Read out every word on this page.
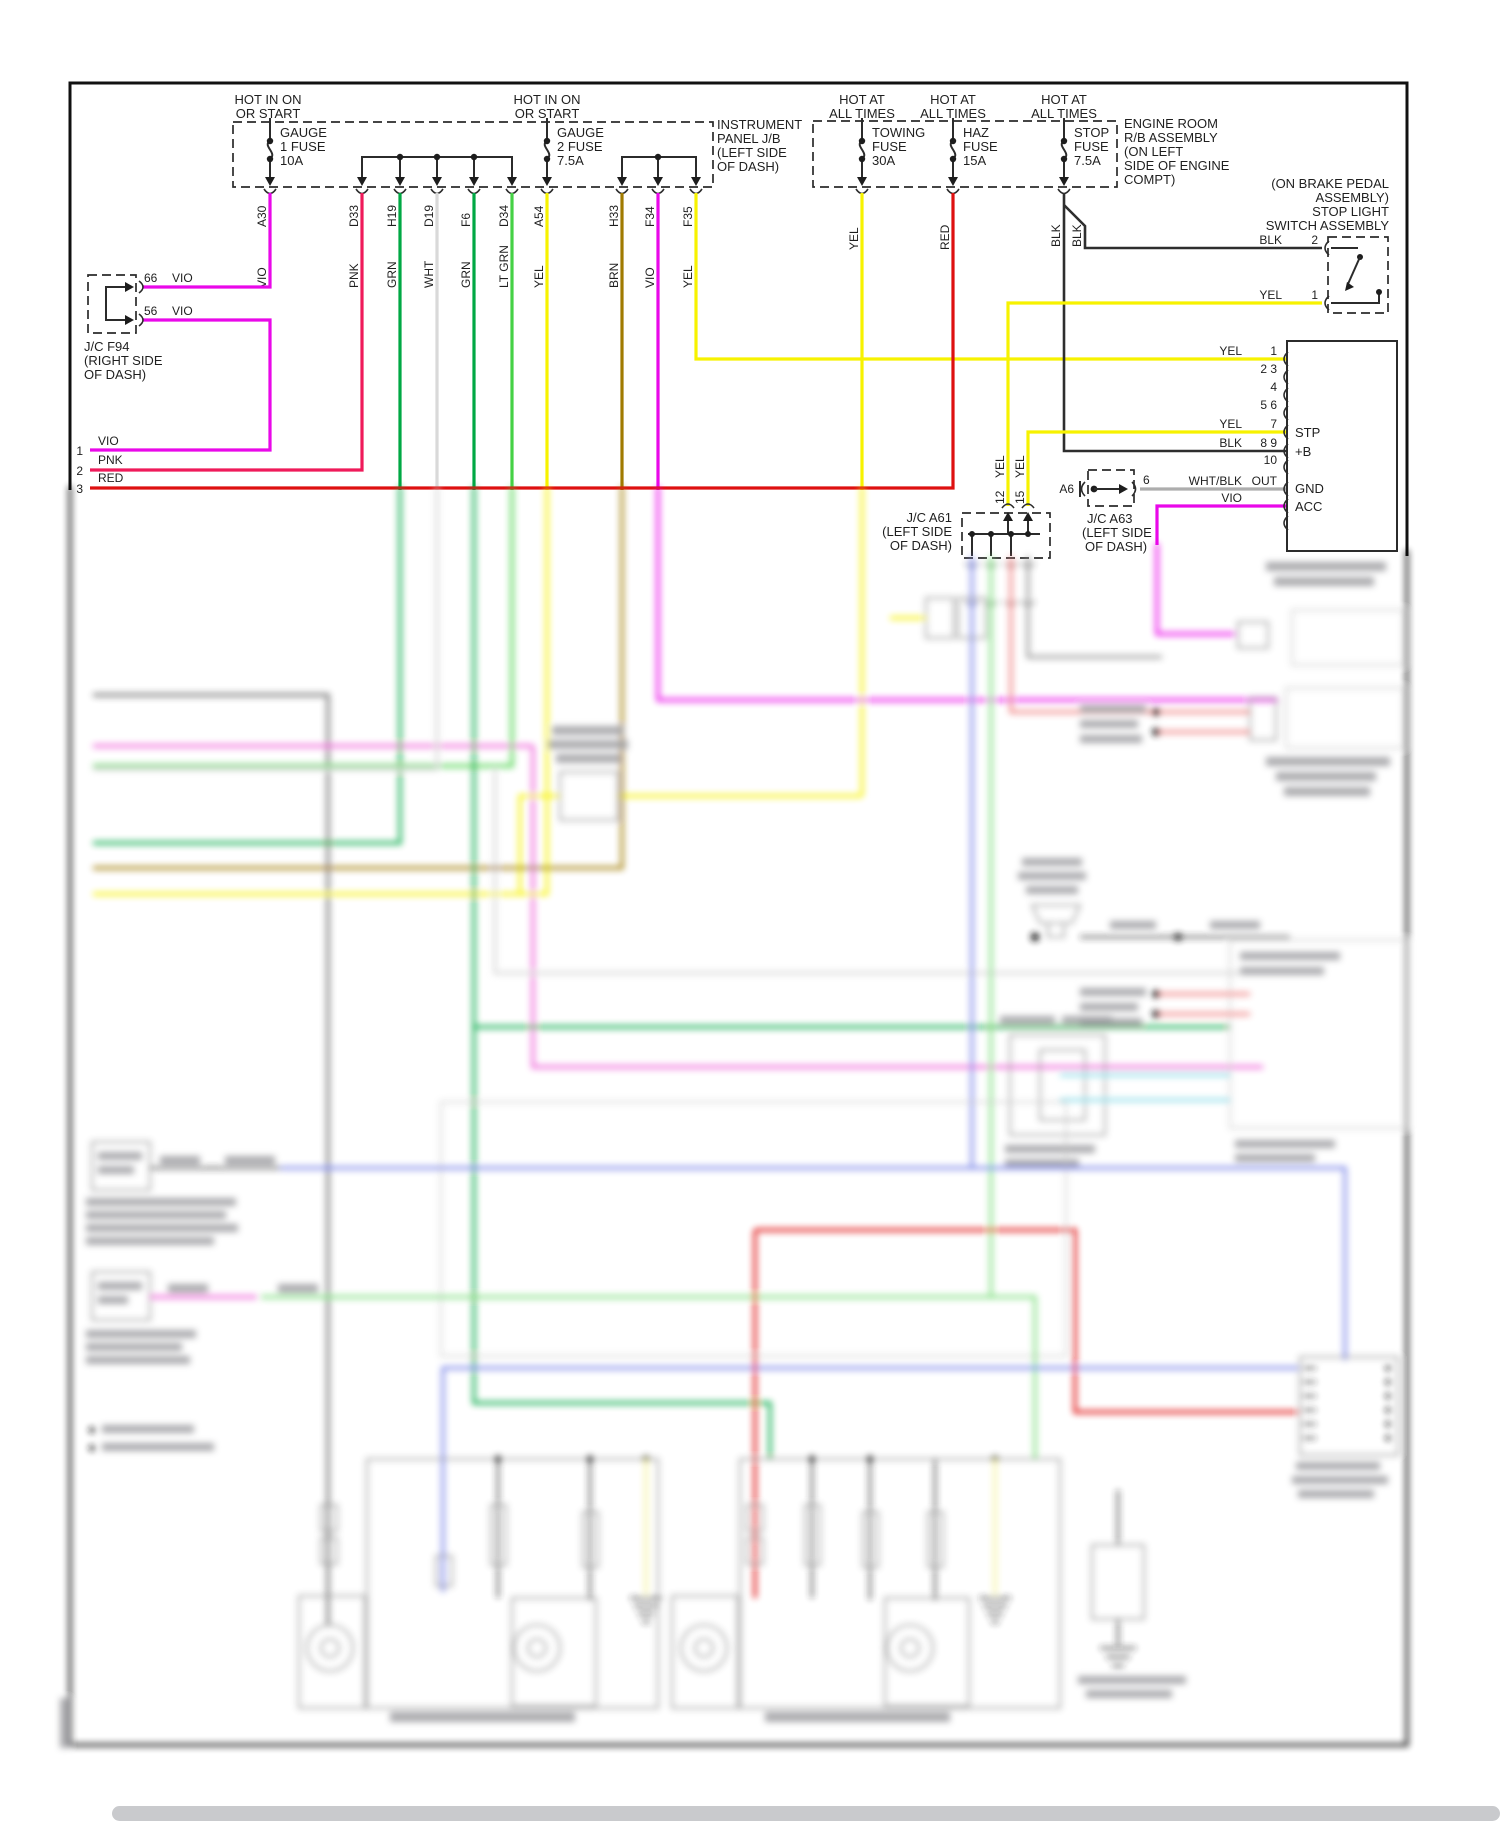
HOT IN ON
OR START
HOT IN ON
OR START
HOT AT
ALL TIMES
HOT AT
ALL TIMES
HOT AT
ALL TIMES
INSTRUMENT
PANEL J/B
(LEFT SIDE
OF DASH)
GAUGE
1 FUSE
10A
GAUGE
2 FUSE
7.5A
ENGINE ROOM
R/B ASSEMBLY
(ON LEFT
SIDE OF ENGINE
COMPT)
TOWING
FUSE
30A
HAZ
FUSE
15A
STOP
FUSE
7.5A
A30
VIO
D33
PNK
H19
GRN
D19
WHT
F6
GRN
D34
LT GRN
A54
YEL
H33
BRN
F34
VIO
F35
YEL
YEL	RED	BLK BLK
66 VIO
56 VIO
J/C F94
(RIGHT SIDE
OF DASH)
1
VIO
2
PNK
3
RED
(ON BRAKE PEDAL
ASSEMBLY)
STOP LIGHT
SWITCH ASSEMBLY
BLK 2
YEL 1
1
YEL
2 3
4
5 6
7
YEL
8 9
BLK
10
OUT
WHT/BLK
VIO
STP
+B
GND
ACC
YEL YEL
12 15
J/C A61
(LEFT SIDE
OF DASH)
A6
6
J/C A63
(LEFT SIDE
OF DASH)
